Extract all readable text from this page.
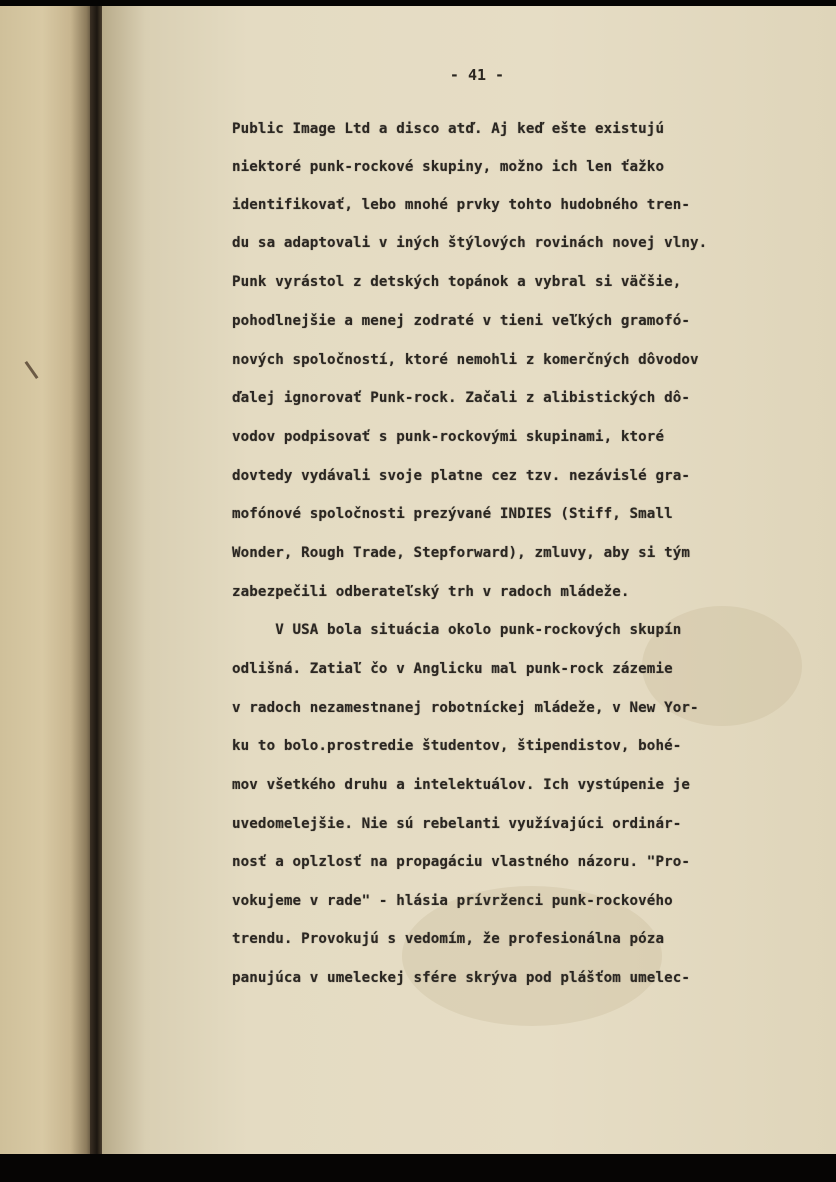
- 41 -

Public Image Ltd a disco atď. Aj keď ešte existujú

niektoré punk-rockové skupiny, možno ich len ťažko

identifikovať, lebo mnohé prvky tohto hudobného tren-

du sa adaptovali v iných štýlových rovinách novej vlny.

Punk vyrástol z detských topánok a vybral si väčšie,

pohodlnejšie a menej zodraté v tieni veľkých gramofó-

nových spoločností, ktoré nemohli z komerčných dôvodov

ďalej ignorovať Punk-rock. Začali z alibistických dô-

vodov podpisovať s punk-rockovými skupinami, ktoré

dovtedy vydávali svoje platne cez tzv. nezávislé gra-

mofónové spoločnosti prezývané INDIES (Stiff, Small

Wonder, Rough Trade, Stepforward), zmluvy, aby si tým

zabezpečili odberateľský trh v radoch mládeže.

V USA bola situácia okolo punk-rockových skupín

odlišná. Zatiaľ čo v Anglicku mal punk-rock zázemie

v radoch nezamestnanej robotníckej mládeže, v New Yor-

ku to bolo.prostredie študentov, štipendistov, bohé-

mov všetkého druhu a intelektuálov. Ich vystúpenie je

uvedomelejšie. Nie sú rebelanti využívajúci ordinár-

nosť a oplzlosť na propagáciu vlastného názoru. "Pro-

vokujeme v rade" - hlásia prívrženci punk-rockového

trendu. Provokujú s vedomím, že profesionálna póza

panujúca v umeleckej sfére skrýva pod plášťom umelec-
